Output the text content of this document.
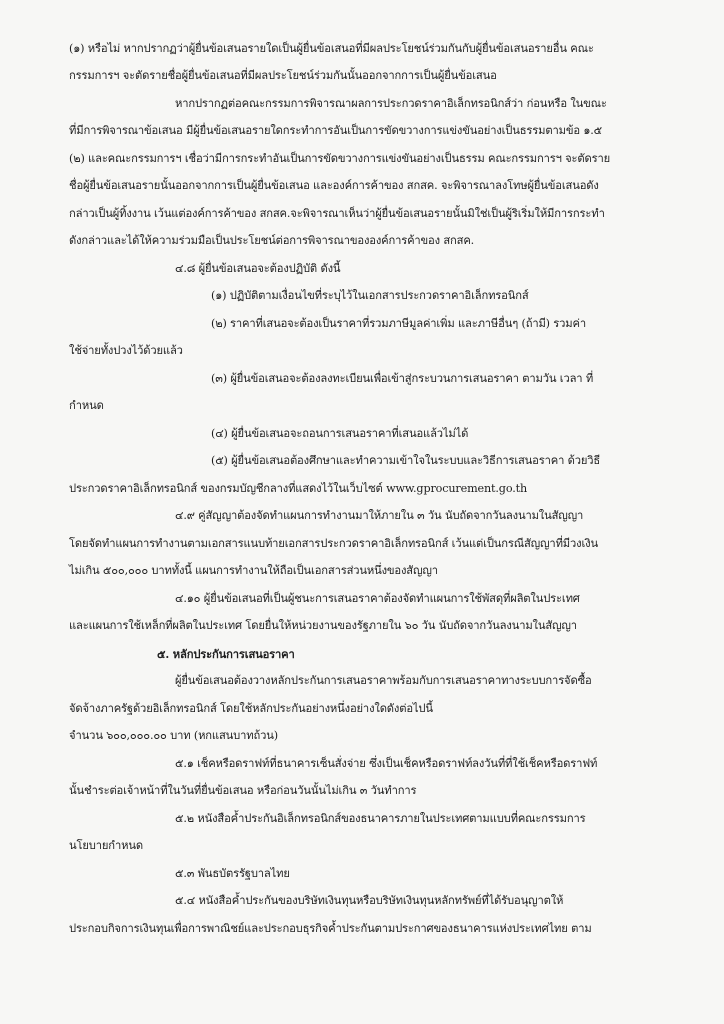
(๑) หรือไม่ หากปรากฏว่าผู้ยื่นข้อเสนอรายใดเป็นผู้ยื่นข้อเสนอที่มีผลประโยชน์ร่วมกันกับผู้ยื่นข้อเสนอรายอื่น คณะ
กรรมการฯ จะตัดรายชื่อผู้ยื่นข้อเสนอที่มีผลประโยชน์ร่วมกันนั้นออกจากการเป็นผู้ยื่นข้อเสนอ
หากปรากฏต่อคณะกรรมการพิจารณาผลการประกวดราคาอิเล็กทรอนิกส์ว่า ก่อนหรือ ในขณะ
ที่มีการพิจารณาข้อเสนอ มีผู้ยื่นข้อเสนอรายใดกระทำการอันเป็นการขัดขวางการแข่งขันอย่างเป็นธรรมตามข้อ ๑.๕
(๒) และคณะกรรมการฯ เชื่อว่ามีการกระทำอันเป็นการขัดขวางการแข่งขันอย่างเป็นธรรม คณะกรรมการฯ จะตัดราย
ชื่อผู้ยื่นข้อเสนอรายนั้นออกจากการเป็นผู้ยื่นข้อเสนอ และองค์การค้าของ สกสค. จะพิจารณาลงโทษผู้ยื่นข้อเสนอดัง
กล่าวเป็นผู้ทิ้งงาน เว้นแต่องค์การค้าของ สกสค.จะพิจารณาเห็นว่าผู้ยื่นข้อเสนอรายนั้นมิใช่เป็นผู้ริเริ่มให้มีการกระทำ
ดังกล่าวและได้ให้ความร่วมมือเป็นประโยชน์ต่อการพิจารณาขององค์การค้าของ สกสค.
๔.๘ ผู้ยื่นข้อเสนอจะต้องปฏิบัติ ดังนี้
(๑) ปฏิบัติตามเงื่อนไขที่ระบุไว้ในเอกสารประกวดราคาอิเล็กทรอนิกส์
(๒) ราคาที่เสนอจะต้องเป็นราคาที่รวมภาษีมูลค่าเพิ่ม และภาษีอื่นๆ (ถ้ามี) รวมค่า
ใช้จ่ายทั้งปวงไว้ด้วยแล้ว
(๓) ผู้ยื่นข้อเสนอจะต้องลงทะเบียนเพื่อเข้าสู่กระบวนการเสนอราคา ตามวัน เวลา ที่
กำหนด
(๔) ผู้ยื่นข้อเสนอจะถอนการเสนอราคาที่เสนอแล้วไม่ได้
(๕) ผู้ยื่นข้อเสนอต้องศึกษาและทำความเข้าใจในระบบและวิธีการเสนอราคา ด้วยวิธี
ประกวดราคาอิเล็กทรอนิกส์ ของกรมบัญชีกลางที่แสดงไว้ในเว็บไซต์ www.gprocurement.go.th
๔.๙ คู่สัญญาต้องจัดทำแผนการทำงานมาให้ภายใน ๓ วัน นับถัดจากวันลงนามในสัญญา
โดยจัดทำแผนการทำงานตามเอกสารแนบท้ายเอกสารประกวดราคาอิเล็กทรอนิกส์ เว้นแต่เป็นกรณีสัญญาที่มีวงเงิน
ไม่เกิน ๕๐๐,๐๐๐ บาททั้งนี้ แผนการทำงานให้ถือเป็นเอกสารส่วนหนึ่งของสัญญา
๔.๑๐ ผู้ยื่นข้อเสนอที่เป็นผู้ชนะการเสนอราคาต้องจัดทำแผนการใช้พัสดุที่ผลิตในประเทศ
และแผนการใช้เหล็กที่ผลิตในประเทศ โดยยื่นให้หน่วยงานของรัฐภายใน ๖๐ วัน นับถัดจากวันลงนามในสัญญา
๕. หลักประกันการเสนอราคา
ผู้ยื่นข้อเสนอต้องวางหลักประกันการเสนอราคาพร้อมกับการเสนอราคาทางระบบการจัดซื้อ
จัดจ้างภาครัฐด้วยอิเล็กทรอนิกส์ โดยใช้หลักประกันอย่างหนึ่งอย่างใดดังต่อไปนี้
จำนวน ๖๐๐,๐๐๐.๐๐ บาท (หกแสนบาทถ้วน)
๕.๑ เช็คหรือดราฟท์ที่ธนาคารเซ็นสั่งจ่าย ซึ่งเป็นเช็คหรือดราฟท์ลงวันที่ที่ใช้เช็คหรือดราฟท์
นั้นชำระต่อเจ้าหน้าที่ในวันที่ยื่นข้อเสนอ หรือก่อนวันนั้นไม่เกิน ๓ วันทำการ
๕.๒ หนังสือค้ำประกันอิเล็กทรอนิกส์ของธนาคารภายในประเทศตามแบบที่คณะกรรมการ
นโยบายกำหนด
๕.๓ พันธบัตรรัฐบาลไทย
๕.๔ หนังสือค้ำประกันของบริษัทเงินทุนหรือบริษัทเงินทุนหลักทรัพย์ที่ได้รับอนุญาตให้
ประกอบกิจการเงินทุนเพื่อการพาณิชย์และประกอบธุรกิจค้ำประกันตามประกาศของธนาคารแห่งประเทศไทย ตาม
